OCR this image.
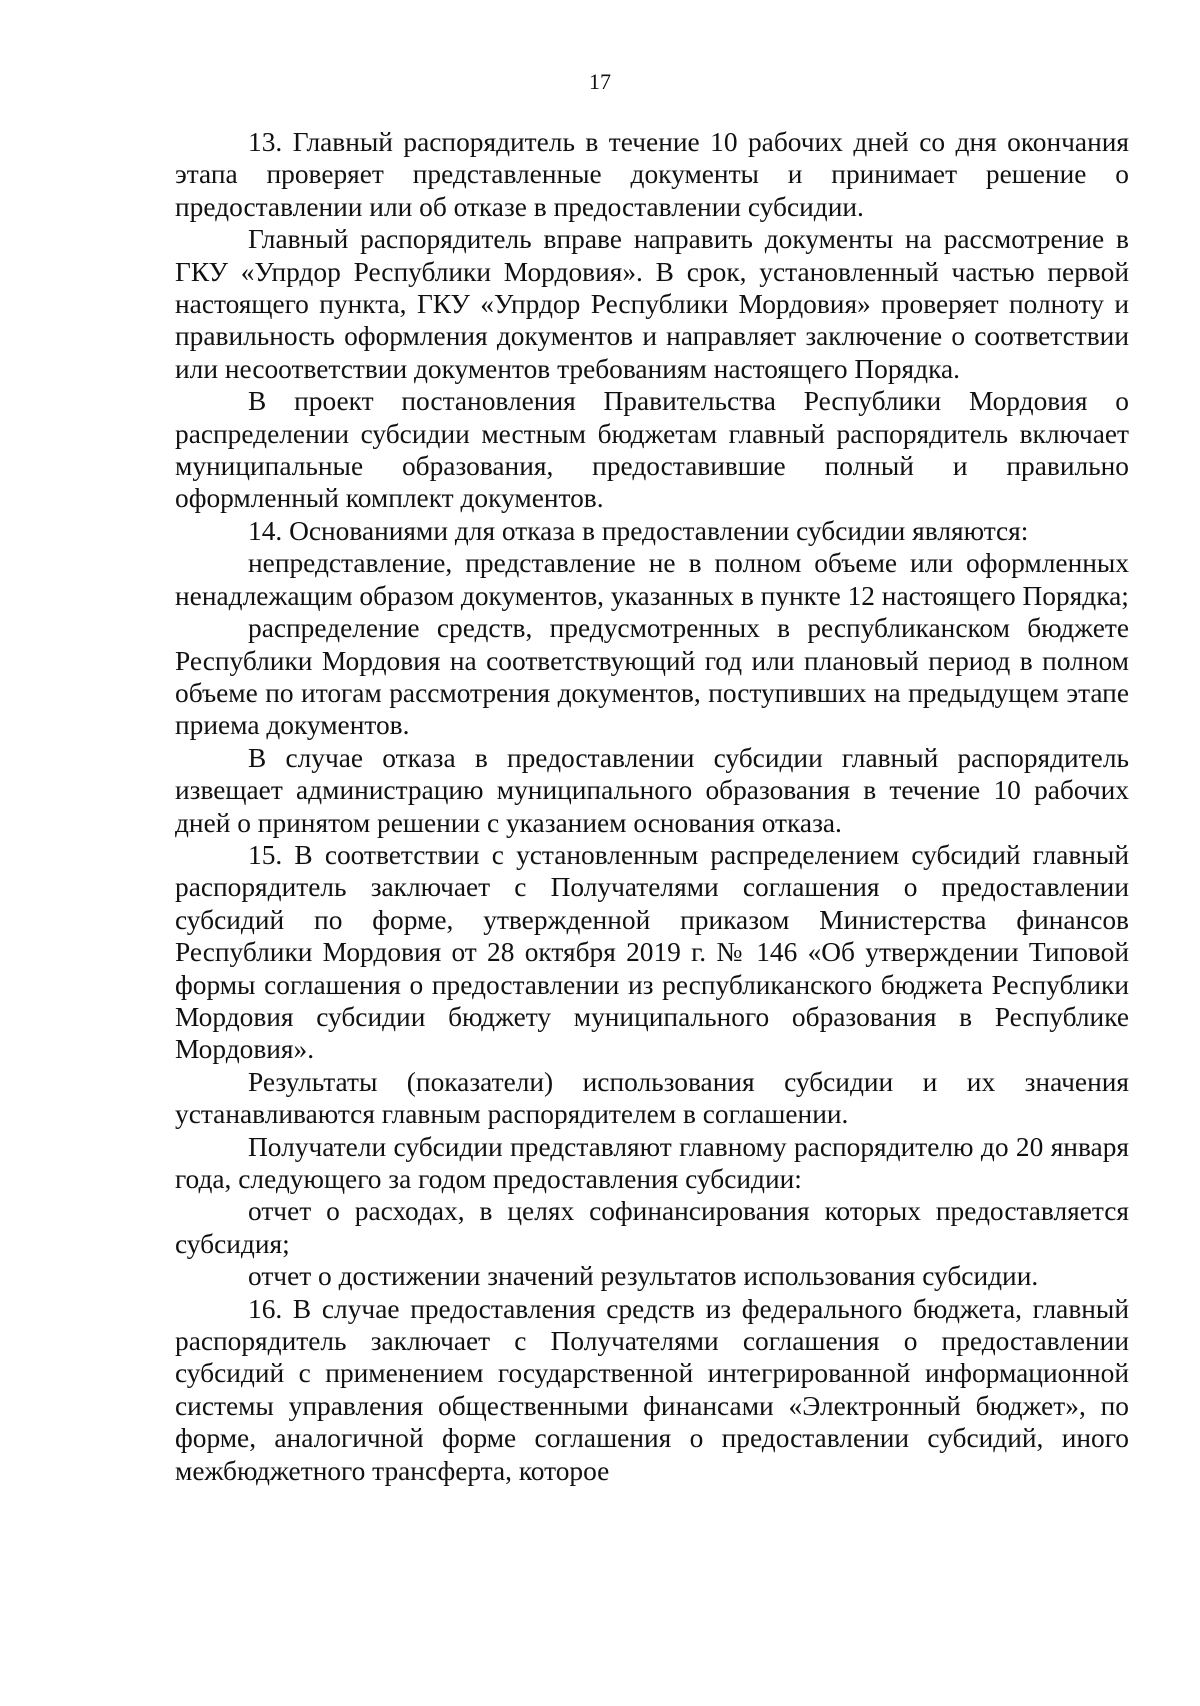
17

13. Главный распорядитель в течение 10 рабочих дней со дня окончания этапа проверяет представленные документы и принимает решение о предоставлении или об отказе в предоставлении субсидии.

Главный распорядитель вправе направить документы на рассмотрение в ГКУ «Упрдор Республики Мордовия». В срок, установленный частью первой настоящего пункта, ГКУ «Упрдор Республики Мордовия» проверяет полноту и правильность оформления документов и направляет заключение о соответствии или несоответствии документов требованиям настоящего Порядка.

В проект постановления Правительства Республики Мордовия о распределении субсидии местным бюджетам главный распорядитель включает муниципальные образования, предоставившие полный и правильно оформленный комплект документов.

14. Основаниями для отказа в предоставлении субсидии являются:

непредставление, представление не в полном объеме или оформленных ненадлежащим образом документов, указанных в пункте 12 настоящего Порядка;

распределение средств, предусмотренных в республиканском бюджете Республики Мордовия на соответствующий год или плановый период в полном объеме по итогам рассмотрения документов, поступивших на предыдущем этапе приема документов.

В случае отказа в предоставлении субсидии главный распорядитель извещает администрацию муниципального образования в течение 10 рабочих дней о принятом решении с указанием основания отказа.

15. В соответствии с установленным распределением субсидий главный распорядитель заключает с Получателями соглашения о предоставлении субсидий по форме, утвержденной приказом Министерства финансов Республики Мордовия от 28 октября 2019 г. № 146 «Об утверждении Типовой формы соглашения о предоставлении из республиканского бюджета Республики Мордовия субсидии бюджету муниципального образования в Республике Мордовия».

Результаты (показатели) использования субсидии и их значения устанавливаются главным распорядителем в соглашении.

Получатели субсидии представляют главному распорядителю до 20 января года, следующего за годом предоставления субсидии:

отчет о расходах, в целях софинансирования которых предоставляется субсидия;

отчет о достижении значений результатов использования субсидии.

16. В случае предоставления средств из федерального бюджета, главный распорядитель заключает с Получателями соглашения о предоставлении субсидий с применением государственной интегрированной информационной системы управления общественными финансами «Электронный бюджет», по форме, аналогичной форме соглашения о предоставлении субсидий, иного межбюджетного трансферта, которое
